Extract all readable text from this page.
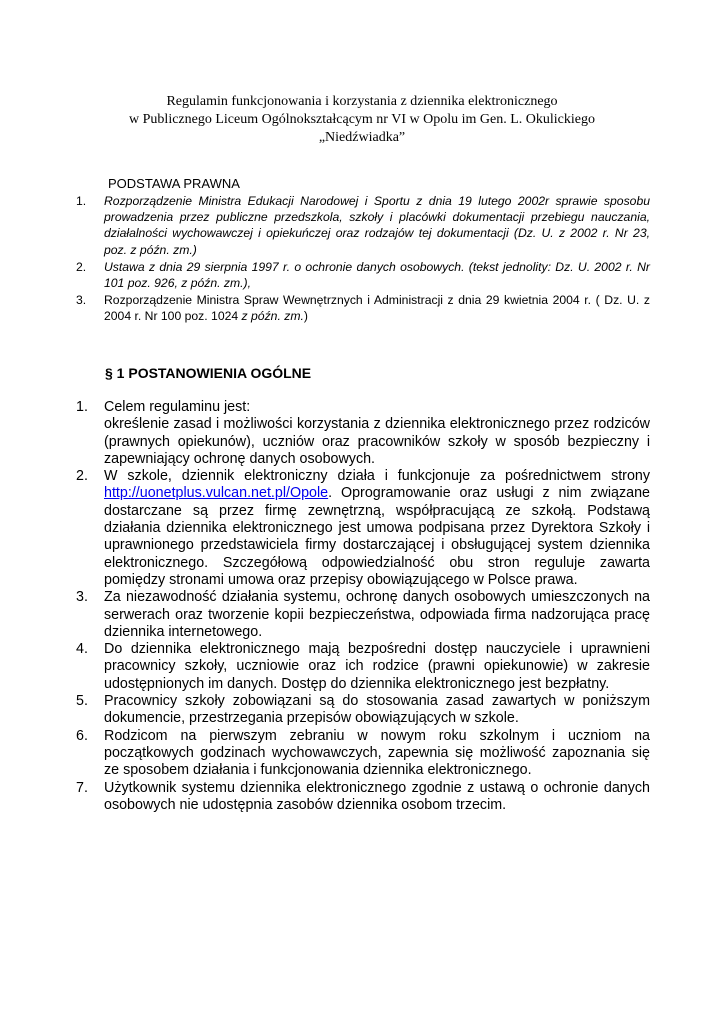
Regulamin funkcjonowania i korzystania z dziennika elektronicznego
w Publicznego Liceum Ogólnokształcącym nr VI w Opolu im Gen. L. Okulickiego
„Niedźwiadka”
PODSTAWA PRAWNA
1.	Rozporządzenie Ministra Edukacji Narodowej i Sportu z dnia 19 lutego 2002r sprawie sposobu prowadzenia przez publiczne przedszkola, szkoły i placówki dokumentacji przebiegu nauczania, działalności wychowawczej i opiekuńczej oraz rodzajów tej dokumentacji (Dz. U. z 2002 r. Nr 23, poz. z późn. zm.)
2.	Ustawa z dnia 29 sierpnia 1997 r. o ochronie danych osobowych. (tekst jednolity: Dz. U. 2002 r. Nr 101 poz. 926, z późn. zm.),
3.	Rozporządzenie Ministra Spraw Wewnętrznych i Administracji z dnia 29 kwietnia 2004 r. ( Dz. U. z 2004 r. Nr 100 poz. 1024 z późn. zm.)
§ 1 POSTANOWIENIA OGÓLNE
1.	Celem regulaminu jest:
określenie zasad i możliwości korzystania z dziennika elektronicznego przez rodziców (prawnych opiekunów), uczniów oraz pracowników szkoły w sposób bezpieczny i zapewniający ochronę danych osobowych.
2.	W szkole, dziennik elektroniczny działa i funkcjonuje za pośrednictwem strony http://uonetplus.vulcan.net.pl/Opole. Oprogramowanie oraz usługi z nim związane dostarczane są przez firmę zewnętrzną, współpracującą ze szkołą. Podstawą działania dziennika elektronicznego jest umowa podpisana przez Dyrektora Szkoły i uprawnionego przedstawiciela firmy dostarczającej i obsługującej system dziennika elektronicznego. Szczegółową odpowiedzialność obu stron reguluje zawarta pomiędzy stronami umowa oraz przepisy obowiązującego w Polsce prawa.
3.	Za niezawodność działania systemu, ochronę danych osobowych umieszczonych na serwerach oraz tworzenie kopii bezpieczeństwa, odpowiada firma nadzorująca pracę dziennika internetowego.
4.	Do dziennika elektronicznego mają bezpośredni dostęp nauczyciele i uprawnieni pracownicy szkoły, uczniowie oraz ich rodzice (prawni opiekunowie) w zakresie udostępnionych im danych. Dostęp do dziennika elektronicznego jest bezpłatny.
5.	Pracownicy szkoły zobowiązani są do stosowania zasad zawartych w poniższym dokumencie, przestrzegania przepisów obowiązujących w szkole.
6.	Rodzicom na pierwszym zebraniu w nowym roku szkolnym i uczniom na początkowych godzinach wychowawczych, zapewnia się możliwość zapoznania się ze sposobem działania i funkcjonowania dziennika elektronicznego.
7.	Użytkownik systemu dziennika elektronicznego zgodnie z ustawą o ochronie danych osobowych nie udostępnia zasobów dziennika osobom trzecim.
